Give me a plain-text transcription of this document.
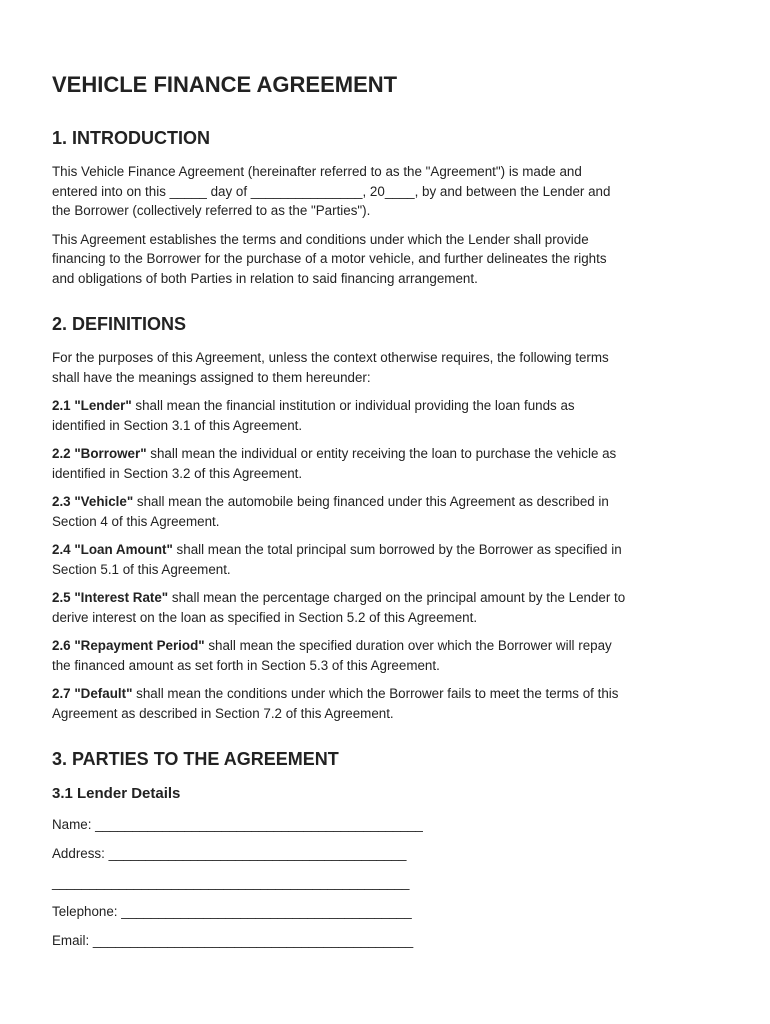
VEHICLE FINANCE AGREEMENT
1. INTRODUCTION

This Vehicle Finance Agreement (hereinafter referred to as the "Agreement") is made and
entered into on this _____ day of _______________, 20____, by and between the Lender and
the Borrower (collectively referred to as the "Parties").

This Agreement establishes the terms and conditions under which the Lender shall provide
financing to the Borrower for the purchase of a motor vehicle, and further delineates the rights
and obligations of both Parties in relation to said financing arrangement.

2. DEFINITIONS

For the purposes of this Agreement, unless the context otherwise requires, the following terms
shall have the meanings assigned to them hereunder:

2.1 "Lender" shall mean the financial institution or individual providing the loan funds as
identified in Section 3.1 of this Agreement.

2.2 "Borrower" shall mean the individual or entity receiving the loan to purchase the vehicle as
identified in Section 3.2 of this Agreement.

2.3 "Vehicle" shall mean the automobile being financed under this Agreement as described in
Section 4 of this Agreement.

2.4 "Loan Amount" shall mean the total principal sum borrowed by the Borrower as specified in
Section 5.1 of this Agreement.

2.5 "Interest Rate" shall mean the percentage charged on the principal amount by the Lender to
derive interest on the loan as specified in Section 5.2 of this Agreement.

2.6 "Repayment Period" shall mean the specified duration over which the Borrower will repay
the financed amount as set forth in Section 5.3 of this Agreement.

2.7 "Default" shall mean the conditions under which the Borrower fails to meet the terms of this
Agreement as described in Section 7.2 of this Agreement.

3. PARTIES TO THE AGREEMENT
3.1 Lender Details
Name: ____________________________________________
Address: ________________________________________
________________________________________________
Telephone: _______________________________________
Email: ___________________________________________
